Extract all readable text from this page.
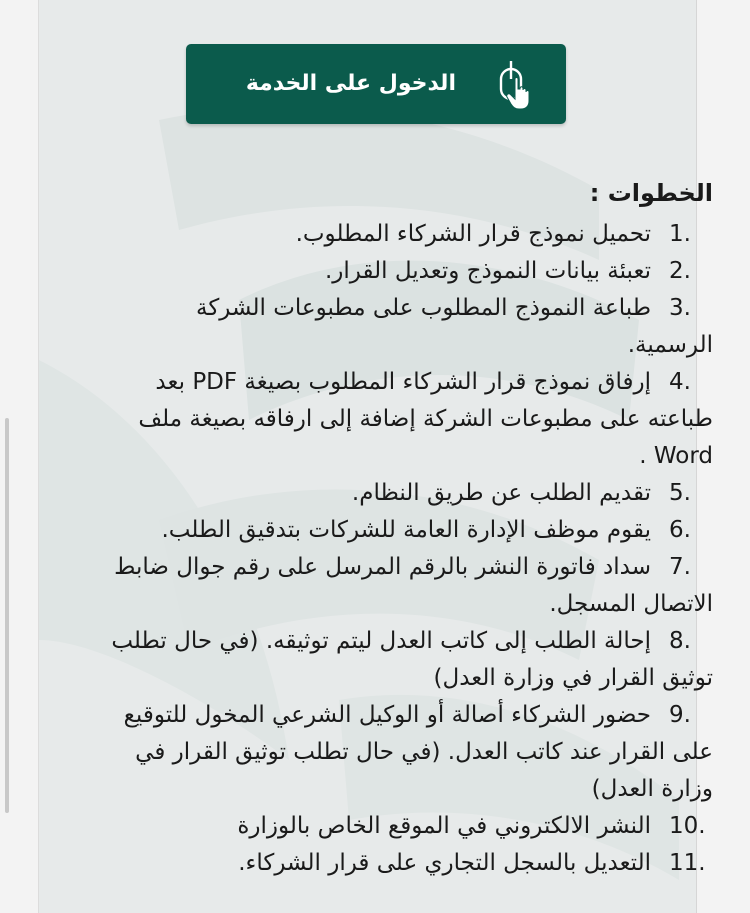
الدخول على الخدمة
الخطوات :

1.تحميل نموذج قرار الشركاء المطلوب.

2.تعبئة بيانات النموذج وتعديل القرار.

3.طباعة النموذج المطلوب على مطبوعات الشركة الرسمية.

4.إرفاق نموذج قرار الشركاء المطلوب بصيغة PDF بعد طباعته على مطبوعات الشركة إضافة إلى ارفاقه بصيغة ملف Word .

5.تقديم الطلب عن طريق النظام.

6.يقوم موظف الإدارة العامة للشركات بتدقيق الطلب.

7.سداد فاتورة النشر بالرقم المرسل على رقم جوال ضابط الاتصال المسجل.

8.إحالة الطلب إلى كاتب العدل ليتم توثيقه. (في حال تطلب توثيق القرار في وزارة العدل)

9.حضور الشركاء أصالة أو الوكيل الشرعي المخول للتوقيع على القرار عند كاتب العدل. (في حال تطلب توثيق القرار في وزارة العدل)

10.النشر الالكتروني في الموقع الخاص بالوزارة

11.التعديل بالسجل التجاري على قرار الشركاء.
